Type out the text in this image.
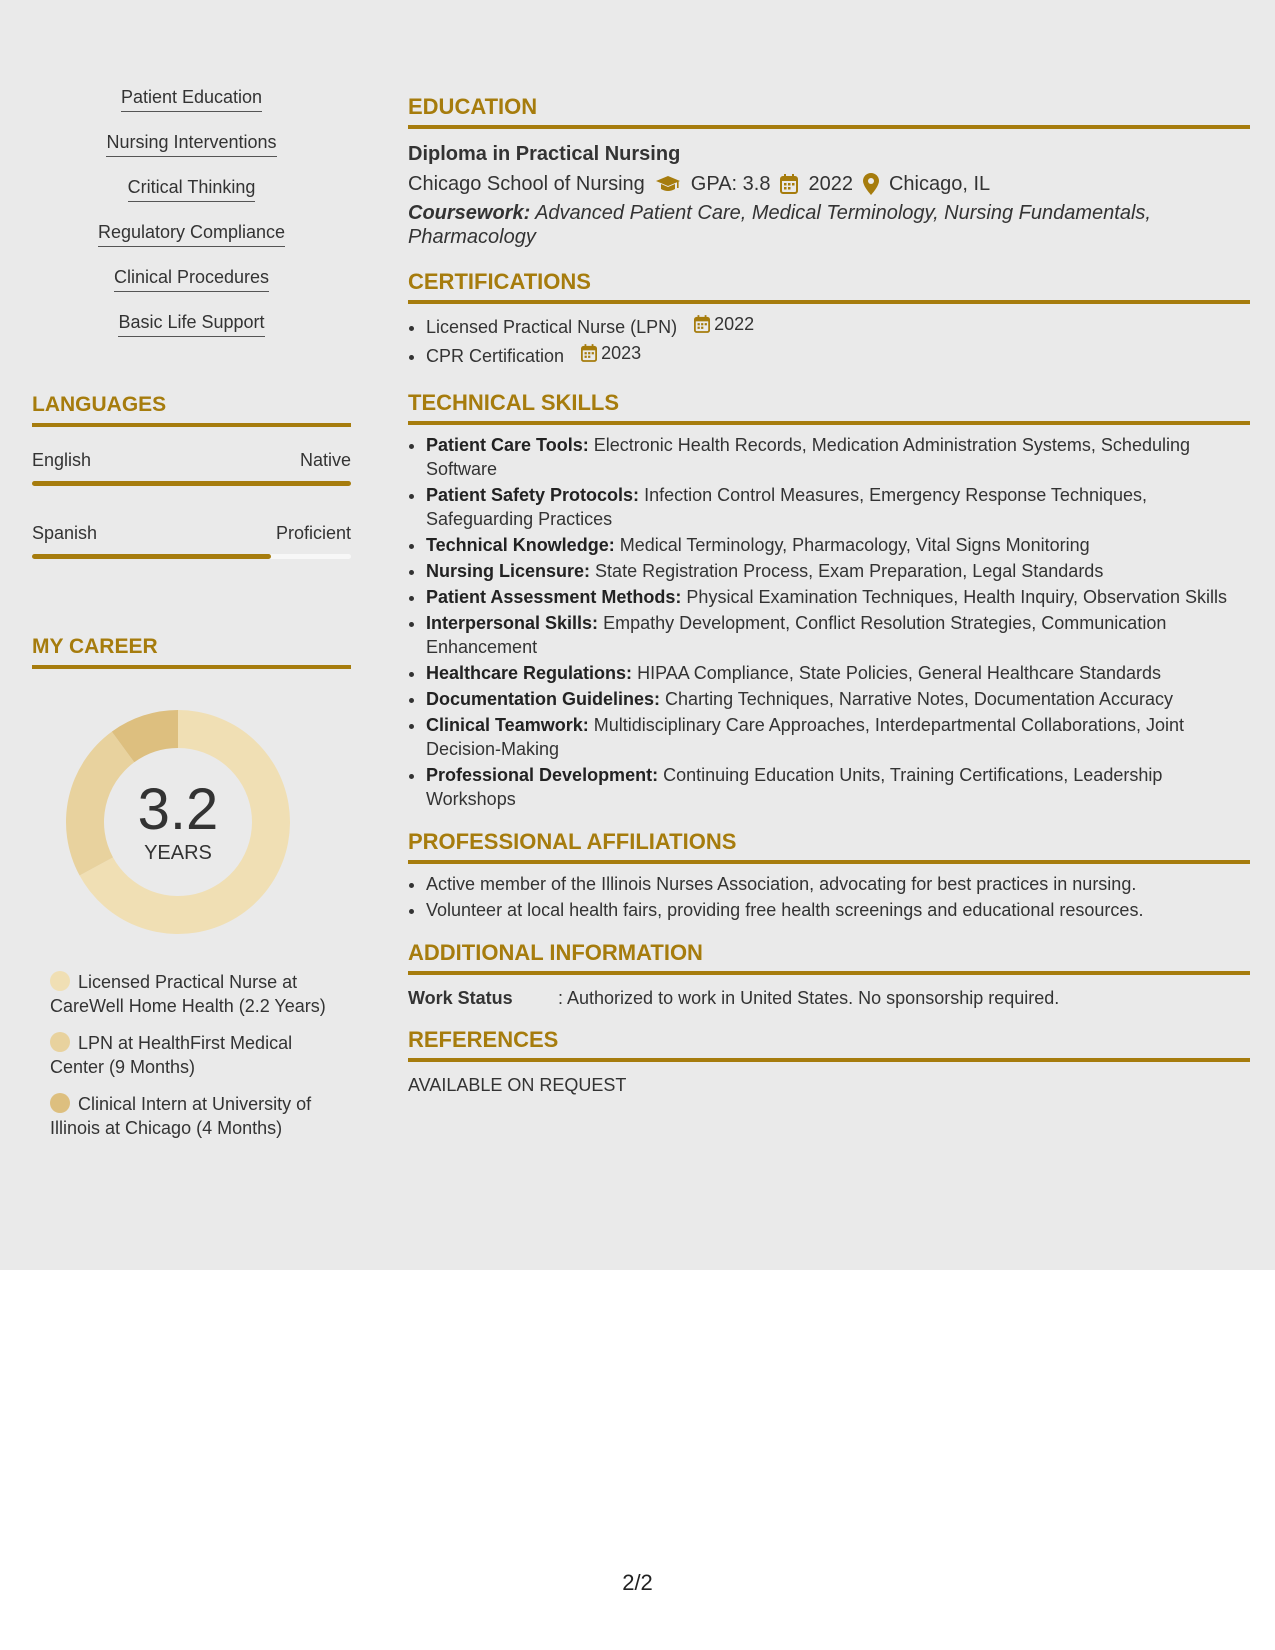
Patient Education
Nursing Interventions
Critical Thinking
Regulatory Compliance
Clinical Procedures
Basic Life Support
LANGUAGES
English	Native
Spanish	Proficient
MY CAREER
3.2
YEARS
Licensed Practical Nurse at CareWell Home Health (2.2 Years)
LPN at HealthFirst Medical Center (9 Months)
Clinical Intern at University of Illinois at Chicago (4 Months)
EDUCATION
Diploma in Practical Nursing
Chicago School of Nursing GPA: 3.8 2022 Chicago, IL
Coursework: Advanced Patient Care, Medical Terminology, Nursing Fundamentals, Pharmacology
CERTIFICATIONS
• Licensed Practical Nurse (LPN) 2022
• CPR Certification 2023
TECHNICAL SKILLS
• Patient Care Tools: Electronic Health Records, Medication Administration Systems, Scheduling Software
• Patient Safety Protocols: Infection Control Measures, Emergency Response Techniques, Safeguarding Practices
• Technical Knowledge: Medical Terminology, Pharmacology, Vital Signs Monitoring
• Nursing Licensure: State Registration Process, Exam Preparation, Legal Standards
• Patient Assessment Methods: Physical Examination Techniques, Health Inquiry, Observation Skills
• Interpersonal Skills: Empathy Development, Conflict Resolution Strategies, Communication Enhancement
• Healthcare Regulations: HIPAA Compliance, State Policies, General Healthcare Standards
• Documentation Guidelines: Charting Techniques, Narrative Notes, Documentation Accuracy
• Clinical Teamwork: Multidisciplinary Care Approaches, Interdepartmental Collaborations, Joint Decision-Making
• Professional Development: Continuing Education Units, Training Certifications, Leadership Workshops
PROFESSIONAL AFFILIATIONS
• Active member of the Illinois Nurses Association, advocating for best practices in nursing.
• Volunteer at local health fairs, providing free health screenings and educational resources.
ADDITIONAL INFORMATION
Work Status	: Authorized to work in United States. No sponsorship required.
REFERENCES
AVAILABLE ON REQUEST
2/2
